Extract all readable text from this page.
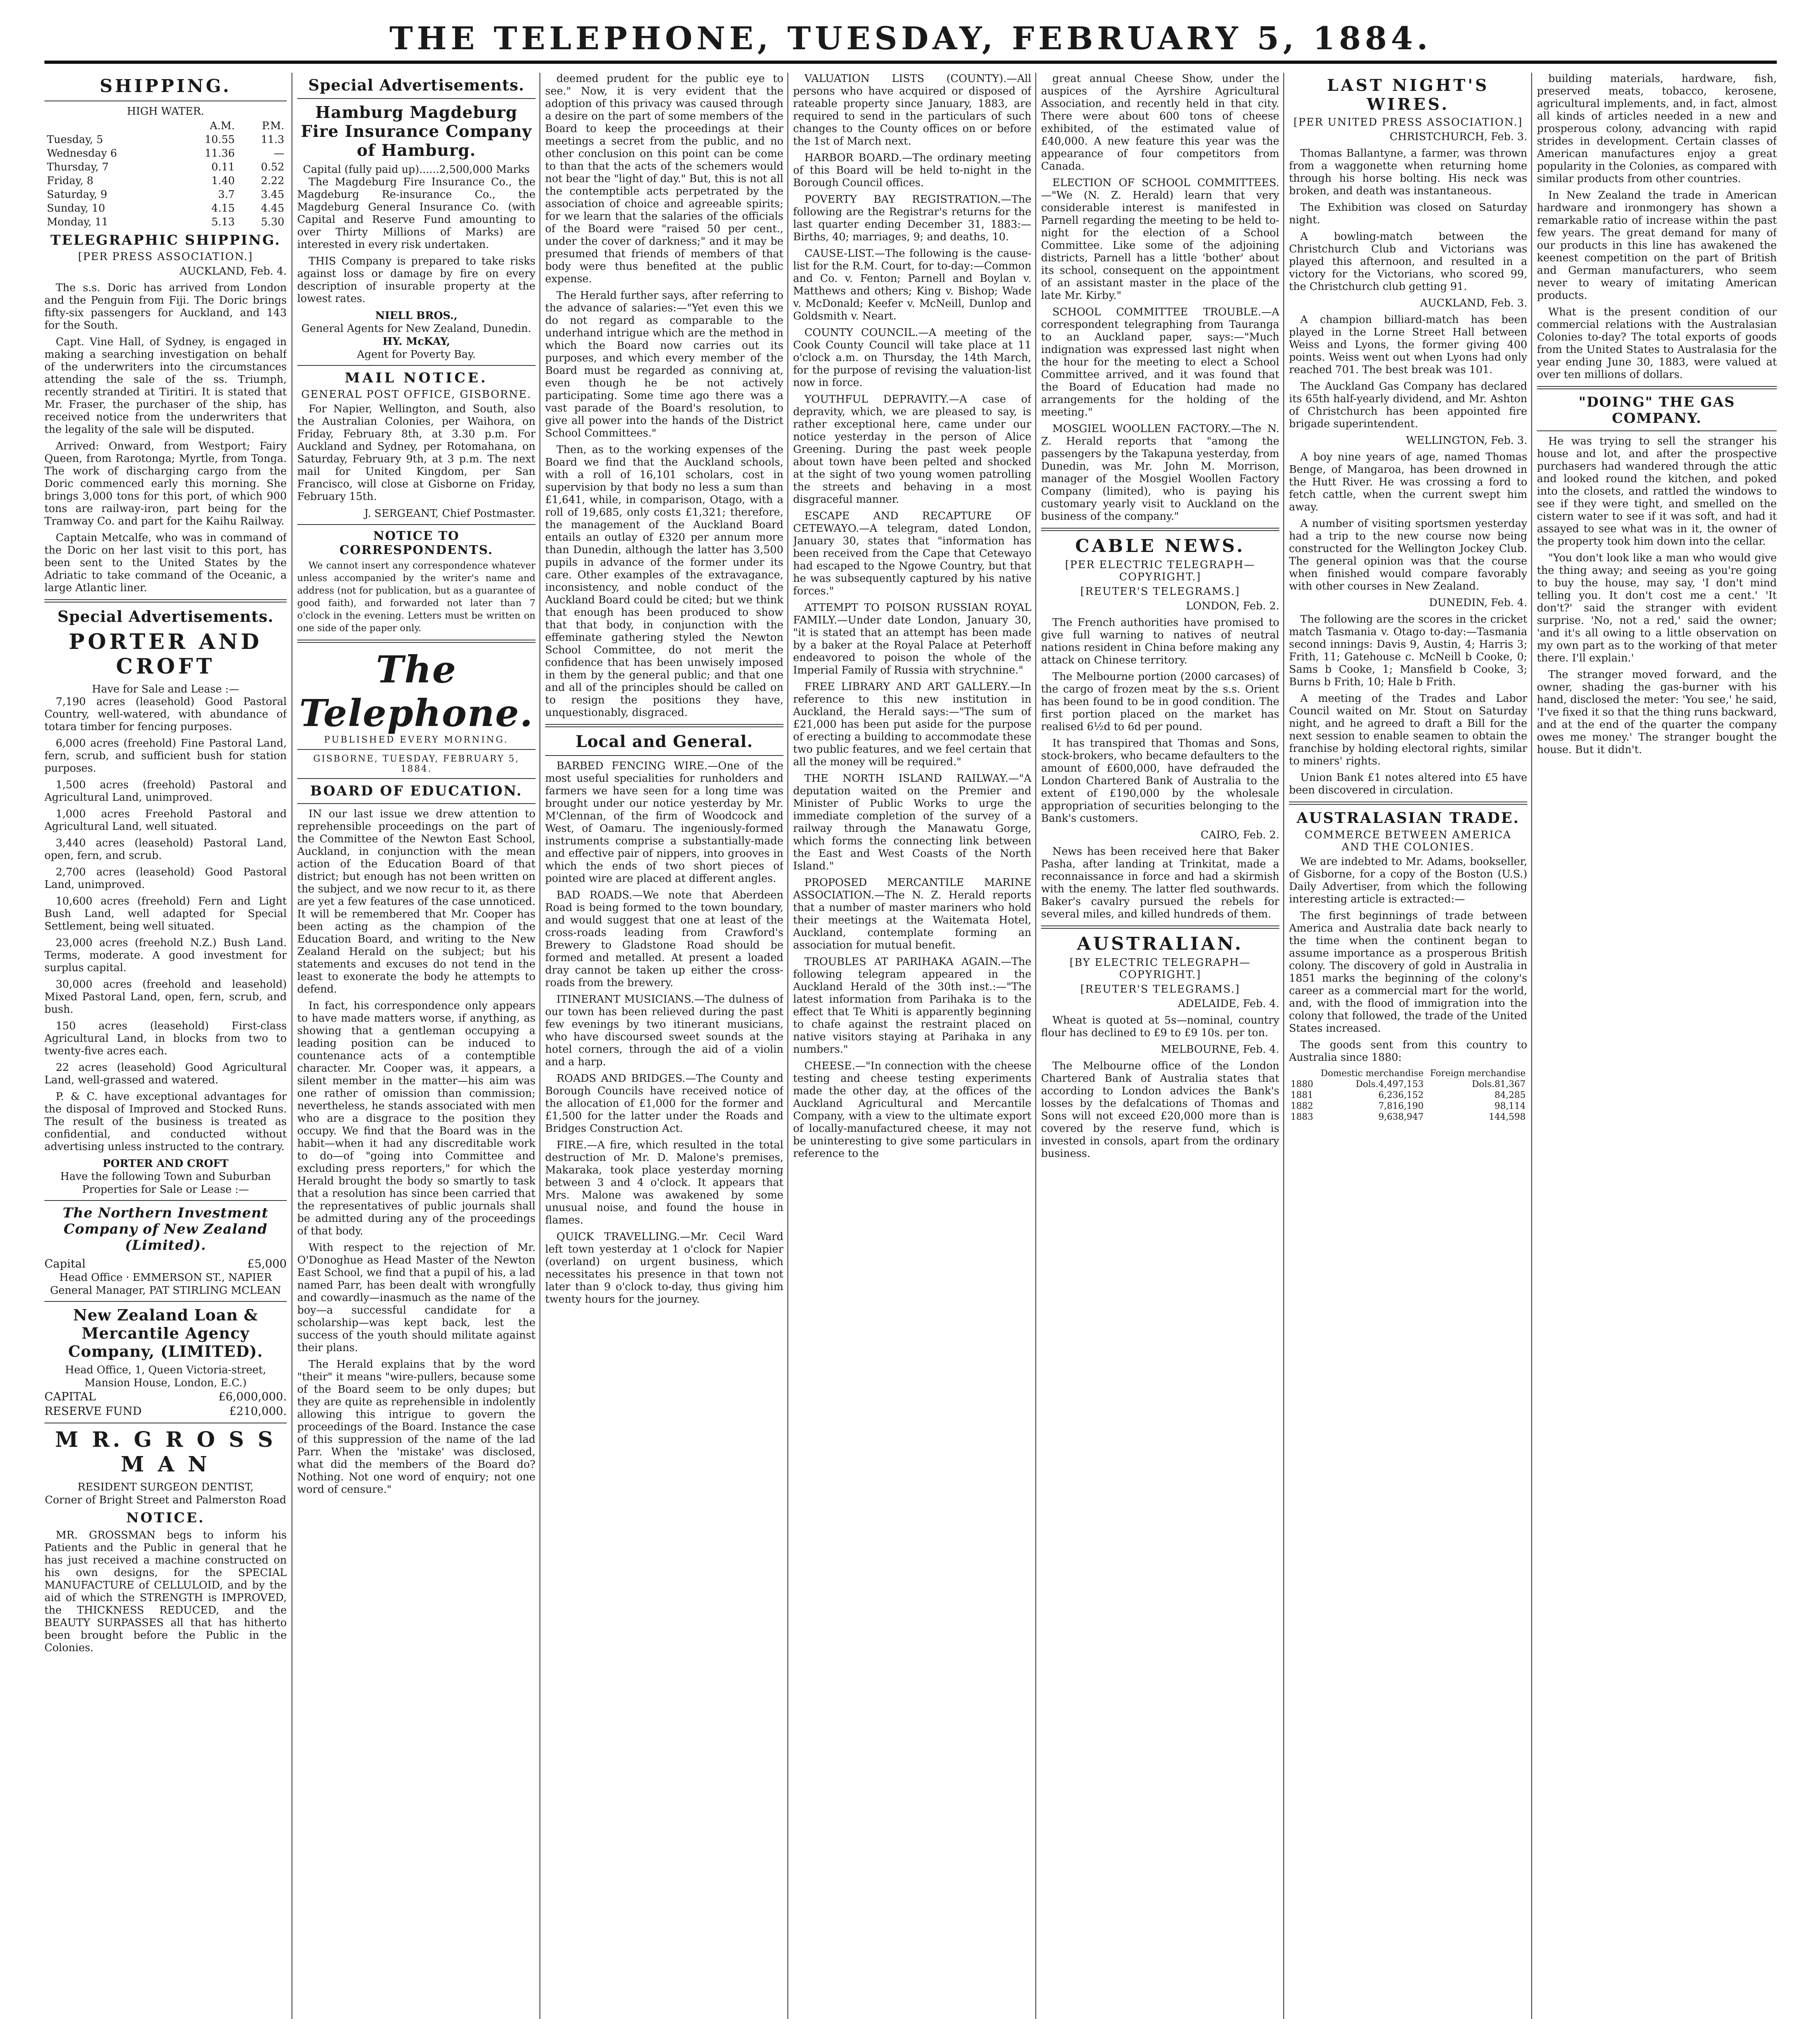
THE TELEPHONE, TUESDAY, FEBRUARY 5, 1884.
SHIPPING.
HIGH WATER.
	A.M.	P.M.
Tuesday, 5	10.55	11.3
Wednesday 6	11.36	—
Thursday, 7	0.11	0.52
Friday, 8	1.40	2.22
Saturday, 9	3.7	3.45
Sunday, 10	4.15	4.45
Monday, 11	5.13	5.30
TELEGRAPHIC SHIPPING.
[PER PRESS ASSOCIATION.]
AUCKLAND, Feb. 4.

The s.s. Doric has arrived from London and the Penguin from Fiji. The Doric brings fifty-six passengers for Auckland, and 143 for the South.

Capt. Vine Hall, of Sydney, is engaged in making a searching investigation on behalf of the underwriters into the circumstances attending the sale of the ss. Triumph, recently stranded at Tiritiri. It is stated that Mr. Fraser, the purchaser of the ship, has received notice from the underwriters that the legality of the sale will be disputed.

Arrived: Onward, from Westport; Fairy Queen, from Rarotonga; Myrtle, from Tonga. The work of discharging cargo from the Doric commenced early this morning. She brings 3,000 tons for this port, of which 900 tons are railway-iron, part being for the Tramway Co. and part for the Kaihu Railway.

Captain Metcalfe, who was in command of the Doric on her last visit to this port, has been sent to the United States by the Adriatic to take command of the Oceanic, a large Atlantic liner.

Special Advertisements.
PORTER AND CROFT
Have for Sale and Lease :—

7,190 acres (leasehold) Good Pastoral Country, well-watered, with abundance of totara timber for fencing purposes.

6,000 acres (freehold) Fine Pastoral Land, fern, scrub, and sufficient bush for station purposes.

1,500 acres (freehold) Pastoral and Agricultural Land, unimproved.

1,000 acres Freehold Pastoral and Agricultural Land, well situated.

3,440 acres (leasehold) Pastoral Land, open, fern, and scrub.

2,700 acres (leasehold) Good Pastoral Land, unimproved.

10,600 acres (freehold) Fern and Light Bush Land, well adapted for Special Settlement, being well situated.

23,000 acres (freehold N.Z.) Bush Land. Terms, moderate. A good investment for surplus capital.

30,000 acres (freehold and leasehold) Mixed Pastoral Land, open, fern, scrub, and bush.

150 acres (leasehold) First-class Agricultural Land, in blocks from two to twenty-five acres each.

22 acres (leasehold) Good Agricultural Land, well-grassed and watered.

P. & C. have exceptional advantages for the disposal of Improved and Stocked Runs. The result of the business is treated as confidential, and conducted without advertising unless instructed to the contrary.

PORTER AND CROFT
Have the following Town and Suburban Properties for Sale or Lease :—
The Northern Investment Company of New Zealand (Limited).
Capital	£5,000
Head Office · EMMERSON ST., NAPIER
General Manager, PAT STIRLING MCLEAN
New Zealand Loan & Mercantile Agency Company, (LIMITED).
Head Office, 1, Queen Victoria-street, Mansion House, London, E.C.)
CAPITAL	£6,000,000.
RESERVE FUND	£210,000.
M R. G R O S S M A N
RESIDENT SURGEON DENTIST,
Corner of Bright Street and Palmerston Road
NOTICE.

MR. GROSSMAN begs to inform his Patients and the Public in general that he has just received a machine constructed on his own designs, for the SPECIAL MANUFACTURE of CELLULOID, and by the aid of which the STRENGTH is IMPROVED, the THICKNESS REDUCED, and the BEAUTY SURPASSES all that has hitherto been brought before the Public in the Colonies.

Special Advertisements.
Hamburg Magdeburg Fire Insurance Company of Hamburg.
Capital (fully paid up)......2,500,000 Marks

The Magdeburg Fire Insurance Co., the Magdeburg Re-insurance Co., the Magdeburg General Insurance Co. (with Capital and Reserve Fund amounting to over Thirty Millions of Marks) are interested in every risk undertaken.

THIS Company is prepared to take risks against loss or damage by fire on every description of insurable property at the lowest rates.

NIELL BROS.,
General Agents for New Zealand, Dunedin.
HY. McKAY,
Agent for Poverty Bay.
MAIL NOTICE.
GENERAL POST OFFICE, GISBORNE.

For Napier, Wellington, and South, also the Australian Colonies, per Waihora, on Friday, February 8th, at 3.30 p.m. For Auckland and Sydney, per Rotomahana, on Saturday, February 9th, at 3 p.m. The next mail for United Kingdom, per San Francisco, will close at Gisborne on Friday, February 15th.

J. SERGEANT, Chief Postmaster.
NOTICE TO CORRESPONDENTS.

We cannot insert any correspondence whatever unless accompanied by the writer's name and address (not for publication, but as a guarantee of good faith), and forwarded not later than 7 o'clock in the evening. Letters must be written on one side of the paper only.

The Telephone.
PUBLISHED EVERY MORNING.
GISBORNE, TUESDAY, FEBRUARY 5, 1884.
BOARD OF EDUCATION.

IN our last issue we drew attention to reprehensible proceedings on the part of the Committee of the Newton East School, Auckland, in conjunction with the mean action of the Education Board of that district; but enough has not been written on the subject, and we now recur to it, as there are yet a few features of the case unnoticed. It will be remembered that Mr. Cooper has been acting as the champion of the Education Board, and writing to the New Zealand Herald on the subject; but his statements and excuses do not tend in the least to exonerate the body he attempts to defend.

In fact, his correspondence only appears to have made matters worse, if anything, as showing that a gentleman occupying a leading position can be induced to countenance acts of a contemptible character. Mr. Cooper was, it appears, a silent member in the matter—his aim was one rather of omission than commission; nevertheless, he stands associated with men who are a disgrace to the position they occupy. We find that the Board was in the habit—when it had any discreditable work to do—of "going into Committee and excluding press reporters," for which the Herald brought the body so smartly to task that a resolution has since been carried that the representatives of public journals shall be admitted during any of the proceedings of that body.

With respect to the rejection of Mr. O'Donoghue as Head Master of the Newton East School, we find that a pupil of his, a lad named Parr, has been dealt with wrongfully and cowardly—inasmuch as the name of the boy—a successful candidate for a scholarship—was kept back, lest the success of the youth should militate against their plans.

The Herald explains that by the word "their" it means "wire-pullers, because some of the Board seem to be only dupes; but they are quite as reprehensible in indolently allowing this intrigue to govern the proceedings of the Board. Instance the case of this suppression of the name of the lad Parr. When the 'mistake' was disclosed, what did the members of the Board do? Nothing. Not one word of enquiry; not one word of censure."

deemed prudent for the public eye to see." Now, it is very evident that the adoption of this privacy was caused through a desire on the part of some members of the Board to keep the proceedings at their meetings a secret from the public, and no other conclusion on this point can be come to than that the acts of the schemers would not bear the "light of day." But, this is not all the contemptible acts perpetrated by the association of choice and agreeable spirits; for we learn that the salaries of the officials of the Board were "raised 50 per cent., under the cover of darkness;" and it may be presumed that friends of members of that body were thus benefited at the public expense.

The Herald further says, after referring to the advance of salaries:—"Yet even this we do not regard as comparable to the underhand intrigue which are the method in which the Board now carries out its purposes, and which every member of the Board must be regarded as conniving at, even though he be not actively participating. Some time ago there was a vast parade of the Board's resolution, to give all power into the hands of the District School Committees."

Then, as to the working expenses of the Board we find that the Auckland schools, with a roll of 16,101 scholars, cost in supervision by that body no less a sum than £1,641, while, in comparison, Otago, with a roll of 19,685, only costs £1,321; therefore, the management of the Auckland Board entails an outlay of £320 per annum more than Dunedin, although the latter has 3,500 pupils in advance of the former under its care. Other examples of the extravagance, inconsistency, and noble conduct of the Auckland Board could be cited; but we think that enough has been produced to show that that body, in conjunction with the effeminate gathering styled the Newton School Committee, do not merit the confidence that has been unwisely imposed in them by the general public; and that one and all of the principles should be called on to resign the positions they have, unquestionably, disgraced.

Local and General.

BARBED FENCING WIRE.—One of the most useful specialities for runholders and farmers we have seen for a long time was brought under our notice yesterday by Mr. M'Clennan, of the firm of Woodcock and West, of Oamaru. The ingeniously-formed instruments comprise a substantially-made and effective pair of nippers, into grooves in which the ends of two short pieces of pointed wire are placed at different angles.

BAD ROADS.—We note that Aberdeen Road is being formed to the town boundary, and would suggest that one at least of the cross-roads leading from Crawford's Brewery to Gladstone Road should be formed and metalled. At present a loaded dray cannot be taken up either the cross-roads from the brewery.

ITINERANT MUSICIANS.—The dulness of our town has been relieved during the past few evenings by two itinerant musicians, who have discoursed sweet sounds at the hotel corners, through the aid of a violin and a harp.

ROADS AND BRIDGES.—The County and Borough Councils have received notice of the allocation of £1,000 for the former and £1,500 for the latter under the Roads and Bridges Construction Act.

FIRE.—A fire, which resulted in the total destruction of Mr. D. Malone's premises, Makaraka, took place yesterday morning between 3 and 4 o'clock. It appears that Mrs. Malone was awakened by some unusual noise, and found the house in flames.

QUICK TRAVELLING.—Mr. Cecil Ward left town yesterday at 1 o'clock for Napier (overland) on urgent business, which necessitates his presence in that town not later than 9 o'clock to-day, thus giving him twenty hours for the journey.

VALUATION LISTS (COUNTY).—All persons who have acquired or disposed of rateable property since January, 1883, are required to send in the particulars of such changes to the County offices on or before the 1st of March next.

HARBOR BOARD.—The ordinary meeting of this Board will be held to-night in the Borough Council offices.

POVERTY BAY REGISTRATION.—The following are the Registrar's returns for the last quarter ending December 31, 1883:— Births, 40; marriages, 9; and deaths, 10.

CAUSE-LIST.—The following is the cause-list for the R.M. Court, for to-day:—Common and Co. v. Fenton; Parnell and Boylan v. Matthews and others; King v. Bishop; Wade v. McDonald; Keefer v. McNeill, Dunlop and Goldsmith v. Neart.

COUNTY COUNCIL.—A meeting of the Cook County Council will take place at 11 o'clock a.m. on Thursday, the 14th March, for the purpose of revising the valuation-list now in force.

YOUTHFUL DEPRAVITY.—A case of depravity, which, we are pleased to say, is rather exceptional here, came under our notice yesterday in the person of Alice Greening. During the past week people about town have been pelted and shocked at the sight of two young women patrolling the streets and behaving in a most disgraceful manner.

ESCAPE AND RECAPTURE OF CETEWAYO.—A telegram, dated London, January 30, states that "information has been received from the Cape that Cetewayo had escaped to the Ngowe Country, but that he was subsequently captured by his native forces."

ATTEMPT TO POISON RUSSIAN ROYAL FAMILY.—Under date London, January 30, "it is stated that an attempt has been made by a baker at the Royal Palace at Peterhoff endeavored to poison the whole of the Imperial Family of Russia with strychnine."

FREE LIBRARY AND ART GALLERY.—In reference to this new institution in Auckland, the Herald says:—"The sum of £21,000 has been put aside for the purpose of erecting a building to accommodate these two public features, and we feel certain that all the money will be required."

THE NORTH ISLAND RAILWAY.—"A deputation waited on the Premier and Minister of Public Works to urge the immediate completion of the survey of a railway through the Manawatu Gorge, which forms the connecting link between the East and West Coasts of the North Island."

PROPOSED MERCANTILE MARINE ASSOCIATION.—The N. Z. Herald reports that a number of master mariners who hold their meetings at the Waitemata Hotel, Auckland, contemplate forming an association for mutual benefit.

TROUBLES AT PARIHAKA AGAIN.—The following telegram appeared in the Auckland Herald of the 30th inst.:—"The latest information from Parihaka is to the effect that Te Whiti is apparently beginning to chafe against the restraint placed on native visitors staying at Parihaka in any numbers."

CHEESE.—"In connection with the cheese testing and cheese testing experiments made the other day, at the offices of the Auckland Agricultural and Mercantile Company, with a view to the ultimate export of locally-manufactured cheese, it may not be uninteresting to give some particulars in reference to the

great annual Cheese Show, under the auspices of the Ayrshire Agricultural Association, and recently held in that city. There were about 600 tons of cheese exhibited, of the estimated value of £40,000. A new feature this year was the appearance of four competitors from Canada.

ELECTION OF SCHOOL COMMITTEES.—"We (N. Z. Herald) learn that very considerable interest is manifested in Parnell regarding the meeting to be held to-night for the election of a School Committee. Like some of the adjoining districts, Parnell has a little 'bother' about its school, consequent on the appointment of an assistant master in the place of the late Mr. Kirby."

SCHOOL COMMITTEE TROUBLE.—A correspondent telegraphing from Tauranga to an Auckland paper, says:—"Much indignation was expressed last night when the hour for the meeting to elect a School Committee arrived, and it was found that the Board of Education had made no arrangements for the holding of the meeting."

MOSGIEL WOOLLEN FACTORY.—The N. Z. Herald reports that "among the passengers by the Takapuna yesterday, from Dunedin, was Mr. John M. Morrison, manager of the Mosgiel Woollen Factory Company (limited), who is paying his customary yearly visit to Auckland on the business of the company."

CABLE NEWS.
[PER ELECTRIC TELEGRAPH—COPYRIGHT.]
[REUTER'S TELEGRAMS.]
LONDON, Feb. 2.

The French authorities have promised to give full warning to natives of neutral nations resident in China before making any attack on Chinese territory.

The Melbourne portion (2000 carcases) of the cargo of frozen meat by the s.s. Orient has been found to be in good condition. The first portion placed on the market has realised 6½d to 6d per pound.

It has transpired that Thomas and Sons, stock-brokers, who became defaulters to the amount of £600,000, have defrauded the London Chartered Bank of Australia to the extent of £190,000 by the wholesale appropriation of securities belonging to the Bank's customers.

CAIRO, Feb. 2.

News has been received here that Baker Pasha, after landing at Trinkitat, made a reconnaissance in force and had a skirmish with the enemy. The latter fled southwards. Baker's cavalry pursued the rebels for several miles, and killed hundreds of them.

AUSTRALIAN.
[BY ELECTRIC TELEGRAPH—COPYRIGHT.]
[REUTER'S TELEGRAMS.]
ADELAIDE, Feb. 4.

Wheat is quoted at 5s—nominal, country flour has declined to £9 to £9 10s. per ton.

MELBOURNE, Feb. 4.

The Melbourne office of the London Chartered Bank of Australia states that according to London advices the Bank's losses by the defalcations of Thomas and Sons will not exceed £20,000 more than is covered by the reserve fund, which is invested in consols, apart from the ordinary business.

LAST NIGHT'S WIRES.
[PER UNITED PRESS ASSOCIATION.]
CHRISTCHURCH, Feb. 3.

Thomas Ballantyne, a farmer, was thrown from a waggonette when returning home through his horse bolting. His neck was broken, and death was instantaneous.

The Exhibition was closed on Saturday night.

A bowling-match between the Christchurch Club and Victorians was played this afternoon, and resulted in a victory for the Victorians, who scored 99, the Christchurch club getting 91.

AUCKLAND, Feb. 3.

A champion billiard-match has been played in the Lorne Street Hall between Weiss and Lyons, the former giving 400 points. Weiss went out when Lyons had only reached 701. The best break was 101.

The Auckland Gas Company has declared its 65th half-yearly dividend, and Mr. Ashton of Christchurch has been appointed fire brigade superintendent.

WELLINGTON, Feb. 3.

A boy nine years of age, named Thomas Benge, of Mangaroa, has been drowned in the Hutt River. He was crossing a ford to fetch cattle, when the current swept him away.

A number of visiting sportsmen yesterday had a trip to the new course now being constructed for the Wellington Jockey Club. The general opinion was that the course when finished would compare favorably with other courses in New Zealand.

DUNEDIN, Feb. 4.

The following are the scores in the cricket match Tasmania v. Otago to-day:—Tasmania second innings: Davis 9, Austin, 4; Harris 3; Frith, 11; Gatehouse c. McNeill b Cooke, 0; Sams b Cooke, 1; Mansfield b Cooke, 3; Burns b Frith, 10; Hale b Frith.

A meeting of the Trades and Labor Council waited on Mr. Stout on Saturday night, and he agreed to draft a Bill for the next session to enable seamen to obtain the franchise by holding electoral rights, similar to miners' rights.

Union Bank £1 notes altered into £5 have been discovered in circulation.

AUSTRALASIAN TRADE.
COMMERCE BETWEEN AMERICA AND THE COLONIES.

We are indebted to Mr. Adams, bookseller, of Gisborne, for a copy of the Boston (U.S.) Daily Advertiser, from which the following interesting article is extracted:—

The first beginnings of trade between America and Australia date back nearly to the time when the continent began to assume importance as a prosperous British colony. The discovery of gold in Australia in 1851 marks the beginning of the colony's career as a commercial mart for the world, and, with the flood of immigration into the colony that followed, the trade of the United States increased.

The goods sent from this country to Australia since 1880:

	Domestic merchandise	Foreign merchandise
1880	Dols.4,497,153	Dols.81,367
1881	6,236,152	84,285
1882	7,816,190	98,114
1883	9,638,947	144,598

building materials, hardware, fish, preserved meats, tobacco, kerosene, agricultural implements, and, in fact, almost all kinds of articles needed in a new and prosperous colony, advancing with rapid strides in development. Certain classes of American manufactures enjoy a great popularity in the Colonies, as compared with similar products from other countries.

In New Zealand the trade in American hardware and ironmongery has shown a remarkable ratio of increase within the past few years. The great demand for many of our products in this line has awakened the keenest competition on the part of British and German manufacturers, who seem never to weary of imitating American products.

What is the present condition of our commercial relations with the Australasian Colonies to-day? The total exports of goods from the United States to Australasia for the year ending June 30, 1883, were valued at over ten millions of dollars.

"DOING" THE GAS COMPANY.

He was trying to sell the stranger his house and lot, and after the prospective purchasers had wandered through the attic and looked round the kitchen, and poked into the closets, and rattled the windows to see if they were tight, and smelled on the cistern water to see if it was soft, and had it assayed to see what was in it, the owner of the property took him down into the cellar.

"You don't look like a man who would give the thing away; and seeing as you're going to buy the house, may say, 'I don't mind telling you. It don't cost me a cent.' 'It don't?' said the stranger with evident surprise. 'No, not a red,' said the owner; 'and it's all owing to a little observation on my own part as to the working of that meter there. I'll explain.'

The stranger moved forward, and the owner, shading the gas-burner with his hand, disclosed the meter: 'You see,' he said, 'I've fixed it so that the thing runs backward, and at the end of the quarter the company owes me money.' The stranger bought the house. But it didn't.
